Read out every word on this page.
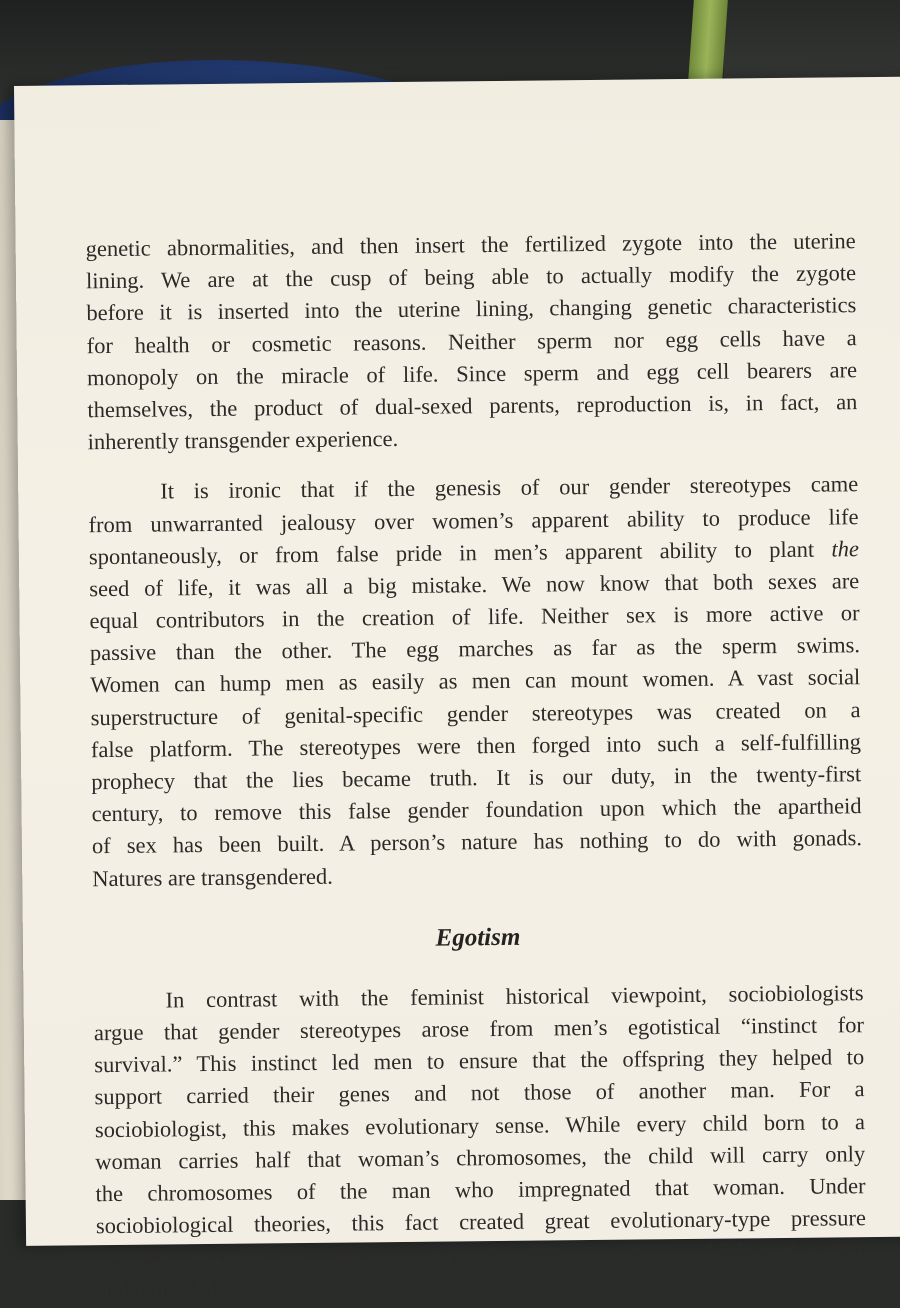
genetic abnormalities, and then insert the fertilized zygote into the uterine
lining. We are at the cusp of being able to actually modify the zygote
before it is inserted into the uterine lining, changing genetic characteristics
for health or cosmetic reasons. Neither sperm nor egg cells have a
monopoly on the miracle of life. Since sperm and egg cell bearers are
themselves, the product of dual-sexed parents, reproduction is, in fact, an
inherently transgender experience.
It is ironic that if the genesis of our gender stereotypes came
from unwarranted jealousy over women’s apparent ability to produce life
spontaneously, or from false pride in men’s apparent ability to plant the
seed of life, it was all a big mistake. We now know that both sexes are
equal contributors in the creation of life. Neither sex is more active or
passive than the other. The egg marches as far as the sperm swims.
Women can hump men as easily as men can mount women. A vast social
superstructure of genital-specific gender stereotypes was created on a
false platform. The stereotypes were then forged into such a self-fulfilling
prophecy that the lies became truth. It is our duty, in the twenty-first
century, to remove this false gender foundation upon which the apartheid
of sex has been built. A person’s nature has nothing to do with gonads.
Natures are transgendered.
Egotism
In contrast with the feminist historical viewpoint, sociobiologists
argue that gender stereotypes arose from men’s egotistical “instinct for
survival.” This instinct led men to ensure that the offspring they helped to
support carried their genes and not those of another man. For a
sociobiologist, this makes evolutionary sense. While every child born to a
woman carries half that woman’s chromosomes, the child will carry only
the chromosomes of the man who impregnated that woman. Under
sociobiological theories, this fact created great evolutionary-type pressure
for men to come up with social systems that ensured the children they fed
and defended
